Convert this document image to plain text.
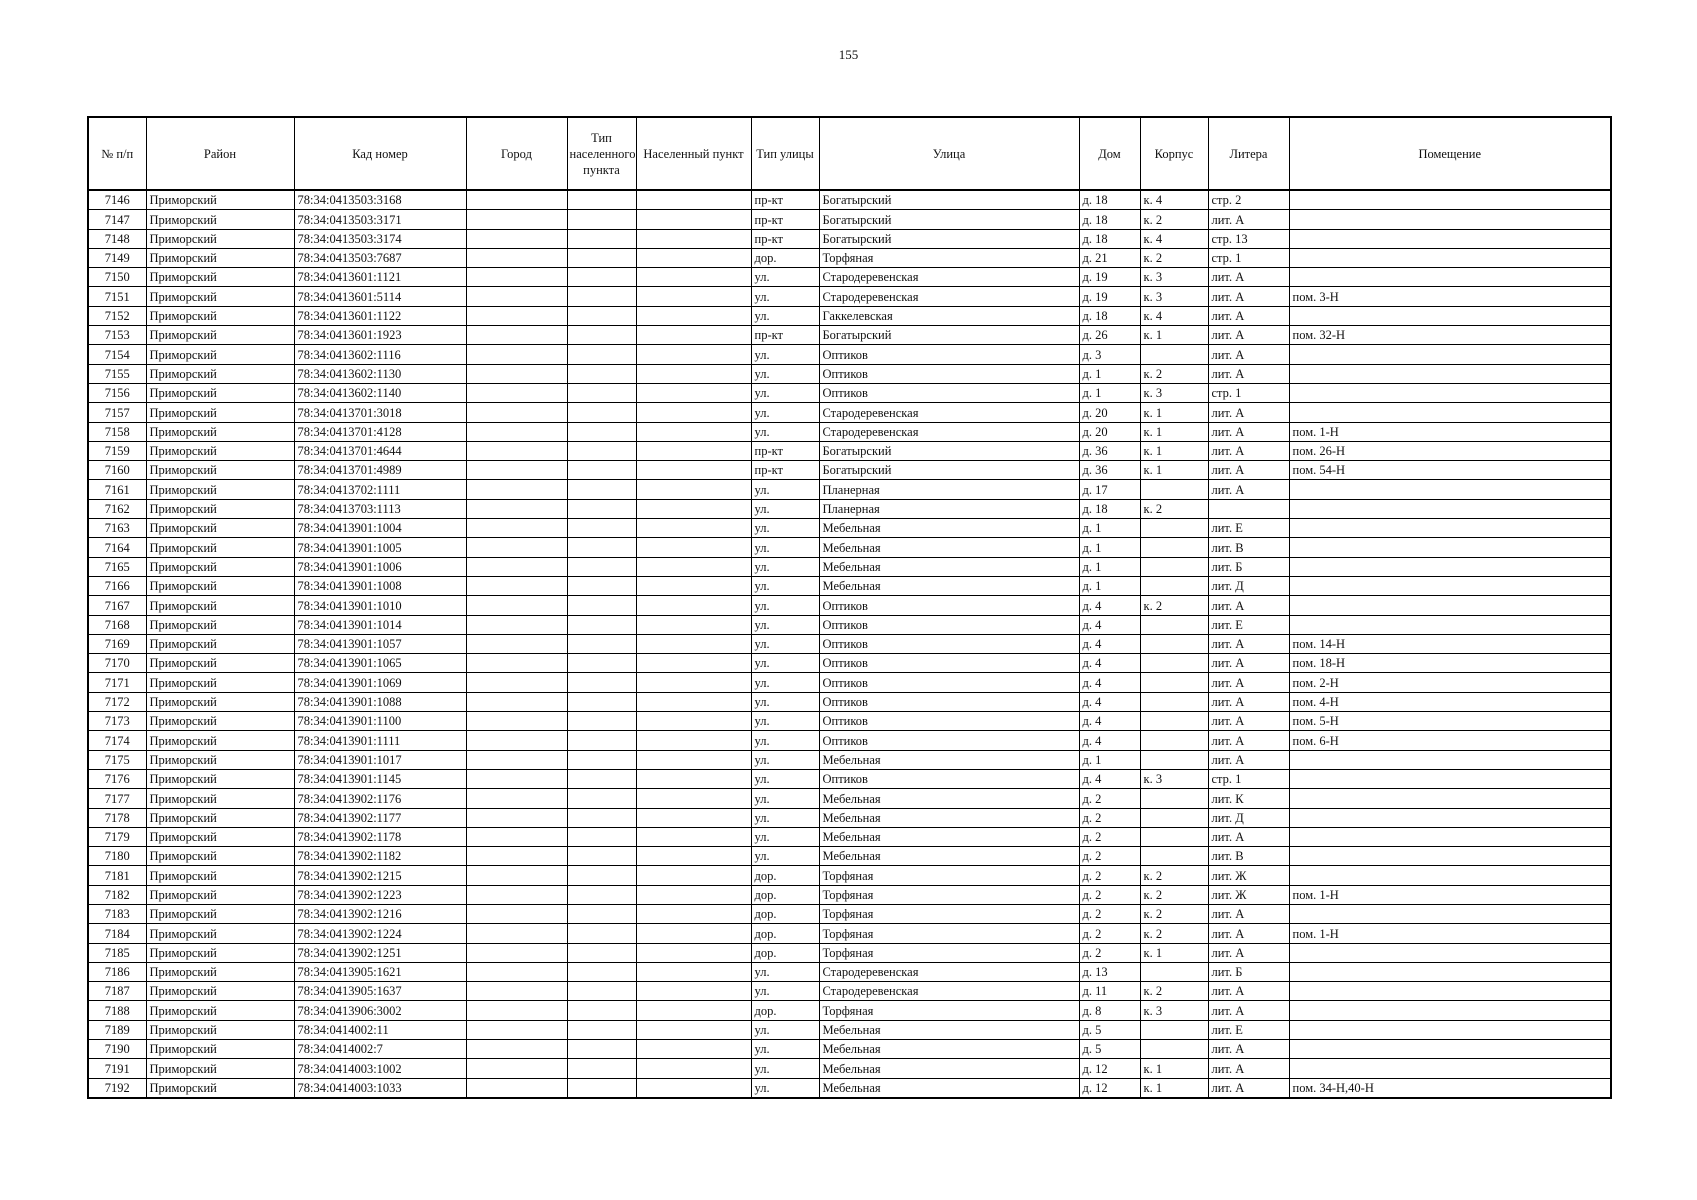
155
№ п/п	Район	Кад номер	Город	Тип населенного пункта	Населенный пункт	Тип улицы	Улица	Дом	Корпус	Литера	Помещение
7146	Приморский	78:34:0413503:3168				пр-кт	Богатырский	д. 18	к. 4	стр. 2	
7147	Приморский	78:34:0413503:3171				пр-кт	Богатырский	д. 18	к. 2	лит. А	
7148	Приморский	78:34:0413503:3174				пр-кт	Богатырский	д. 18	к. 4	стр. 13	
7149	Приморский	78:34:0413503:7687				дор.	Торфяная	д. 21	к. 2	стр. 1	
7150	Приморский	78:34:0413601:1121				ул.	Стародеревенская	д. 19	к. 3	лит. А	
7151	Приморский	78:34:0413601:5114				ул.	Стародеревенская	д. 19	к. 3	лит. А	пом. 3-Н
7152	Приморский	78:34:0413601:1122				ул.	Гаккелевская	д. 18	к. 4	лит. А	
7153	Приморский	78:34:0413601:1923				пр-кт	Богатырский	д. 26	к. 1	лит. А	пом. 32-Н
7154	Приморский	78:34:0413602:1116				ул.	Оптиков	д. 3		лит. А	
7155	Приморский	78:34:0413602:1130				ул.	Оптиков	д. 1	к. 2	лит. А	
7156	Приморский	78:34:0413602:1140				ул.	Оптиков	д. 1	к. 3	стр. 1	
7157	Приморский	78:34:0413701:3018				ул.	Стародеревенская	д. 20	к. 1	лит. А	
7158	Приморский	78:34:0413701:4128				ул.	Стародеревенская	д. 20	к. 1	лит. А	пом. 1-Н
7159	Приморский	78:34:0413701:4644				пр-кт	Богатырский	д. 36	к. 1	лит. А	пом. 26-Н
7160	Приморский	78:34:0413701:4989				пр-кт	Богатырский	д. 36	к. 1	лит. А	пом. 54-Н
7161	Приморский	78:34:0413702:1111				ул.	Планерная	д. 17		лит. А	
7162	Приморский	78:34:0413703:1113				ул.	Планерная	д. 18	к. 2		
7163	Приморский	78:34:0413901:1004				ул.	Мебельная	д. 1		лит. Е	
7164	Приморский	78:34:0413901:1005				ул.	Мебельная	д. 1		лит. В	
7165	Приморский	78:34:0413901:1006				ул.	Мебельная	д. 1		лит. Б	
7166	Приморский	78:34:0413901:1008				ул.	Мебельная	д. 1		лит. Д	
7167	Приморский	78:34:0413901:1010				ул.	Оптиков	д. 4	к. 2	лит. А	
7168	Приморский	78:34:0413901:1014				ул.	Оптиков	д. 4		лит. Е	
7169	Приморский	78:34:0413901:1057				ул.	Оптиков	д. 4		лит. А	пом. 14-Н
7170	Приморский	78:34:0413901:1065				ул.	Оптиков	д. 4		лит. А	пом. 18-Н
7171	Приморский	78:34:0413901:1069				ул.	Оптиков	д. 4		лит. А	пом. 2-Н
7172	Приморский	78:34:0413901:1088				ул.	Оптиков	д. 4		лит. А	пом. 4-Н
7173	Приморский	78:34:0413901:1100				ул.	Оптиков	д. 4		лит. А	пом. 5-Н
7174	Приморский	78:34:0413901:1111				ул.	Оптиков	д. 4		лит. А	пом. 6-Н
7175	Приморский	78:34:0413901:1017				ул.	Мебельная	д. 1		лит. А	
7176	Приморский	78:34:0413901:1145				ул.	Оптиков	д. 4	к. 3	стр. 1	
7177	Приморский	78:34:0413902:1176				ул.	Мебельная	д. 2		лит. К	
7178	Приморский	78:34:0413902:1177				ул.	Мебельная	д. 2		лит. Д	
7179	Приморский	78:34:0413902:1178				ул.	Мебельная	д. 2		лит. А	
7180	Приморский	78:34:0413902:1182				ул.	Мебельная	д. 2		лит. В	
7181	Приморский	78:34:0413902:1215				дор.	Торфяная	д. 2	к. 2	лит. Ж	
7182	Приморский	78:34:0413902:1223				дор.	Торфяная	д. 2	к. 2	лит. Ж	пом. 1-Н
7183	Приморский	78:34:0413902:1216				дор.	Торфяная	д. 2	к. 2	лит. А	
7184	Приморский	78:34:0413902:1224				дор.	Торфяная	д. 2	к. 2	лит. А	пом. 1-Н
7185	Приморский	78:34:0413902:1251				дор.	Торфяная	д. 2	к. 1	лит. А	
7186	Приморский	78:34:0413905:1621				ул.	Стародеревенская	д. 13		лит. Б	
7187	Приморский	78:34:0413905:1637				ул.	Стародеревенская	д. 11	к. 2	лит. А	
7188	Приморский	78:34:0413906:3002				дор.	Торфяная	д. 8	к. 3	лит. А	
7189	Приморский	78:34:0414002:11				ул.	Мебельная	д. 5		лит. Е	
7190	Приморский	78:34:0414002:7				ул.	Мебельная	д. 5		лит. А	
7191	Приморский	78:34:0414003:1002				ул.	Мебельная	д. 12	к. 1	лит. А	
7192	Приморский	78:34:0414003:1033				ул.	Мебельная	д. 12	к. 1	лит. А	пом. 34-Н,40-Н
